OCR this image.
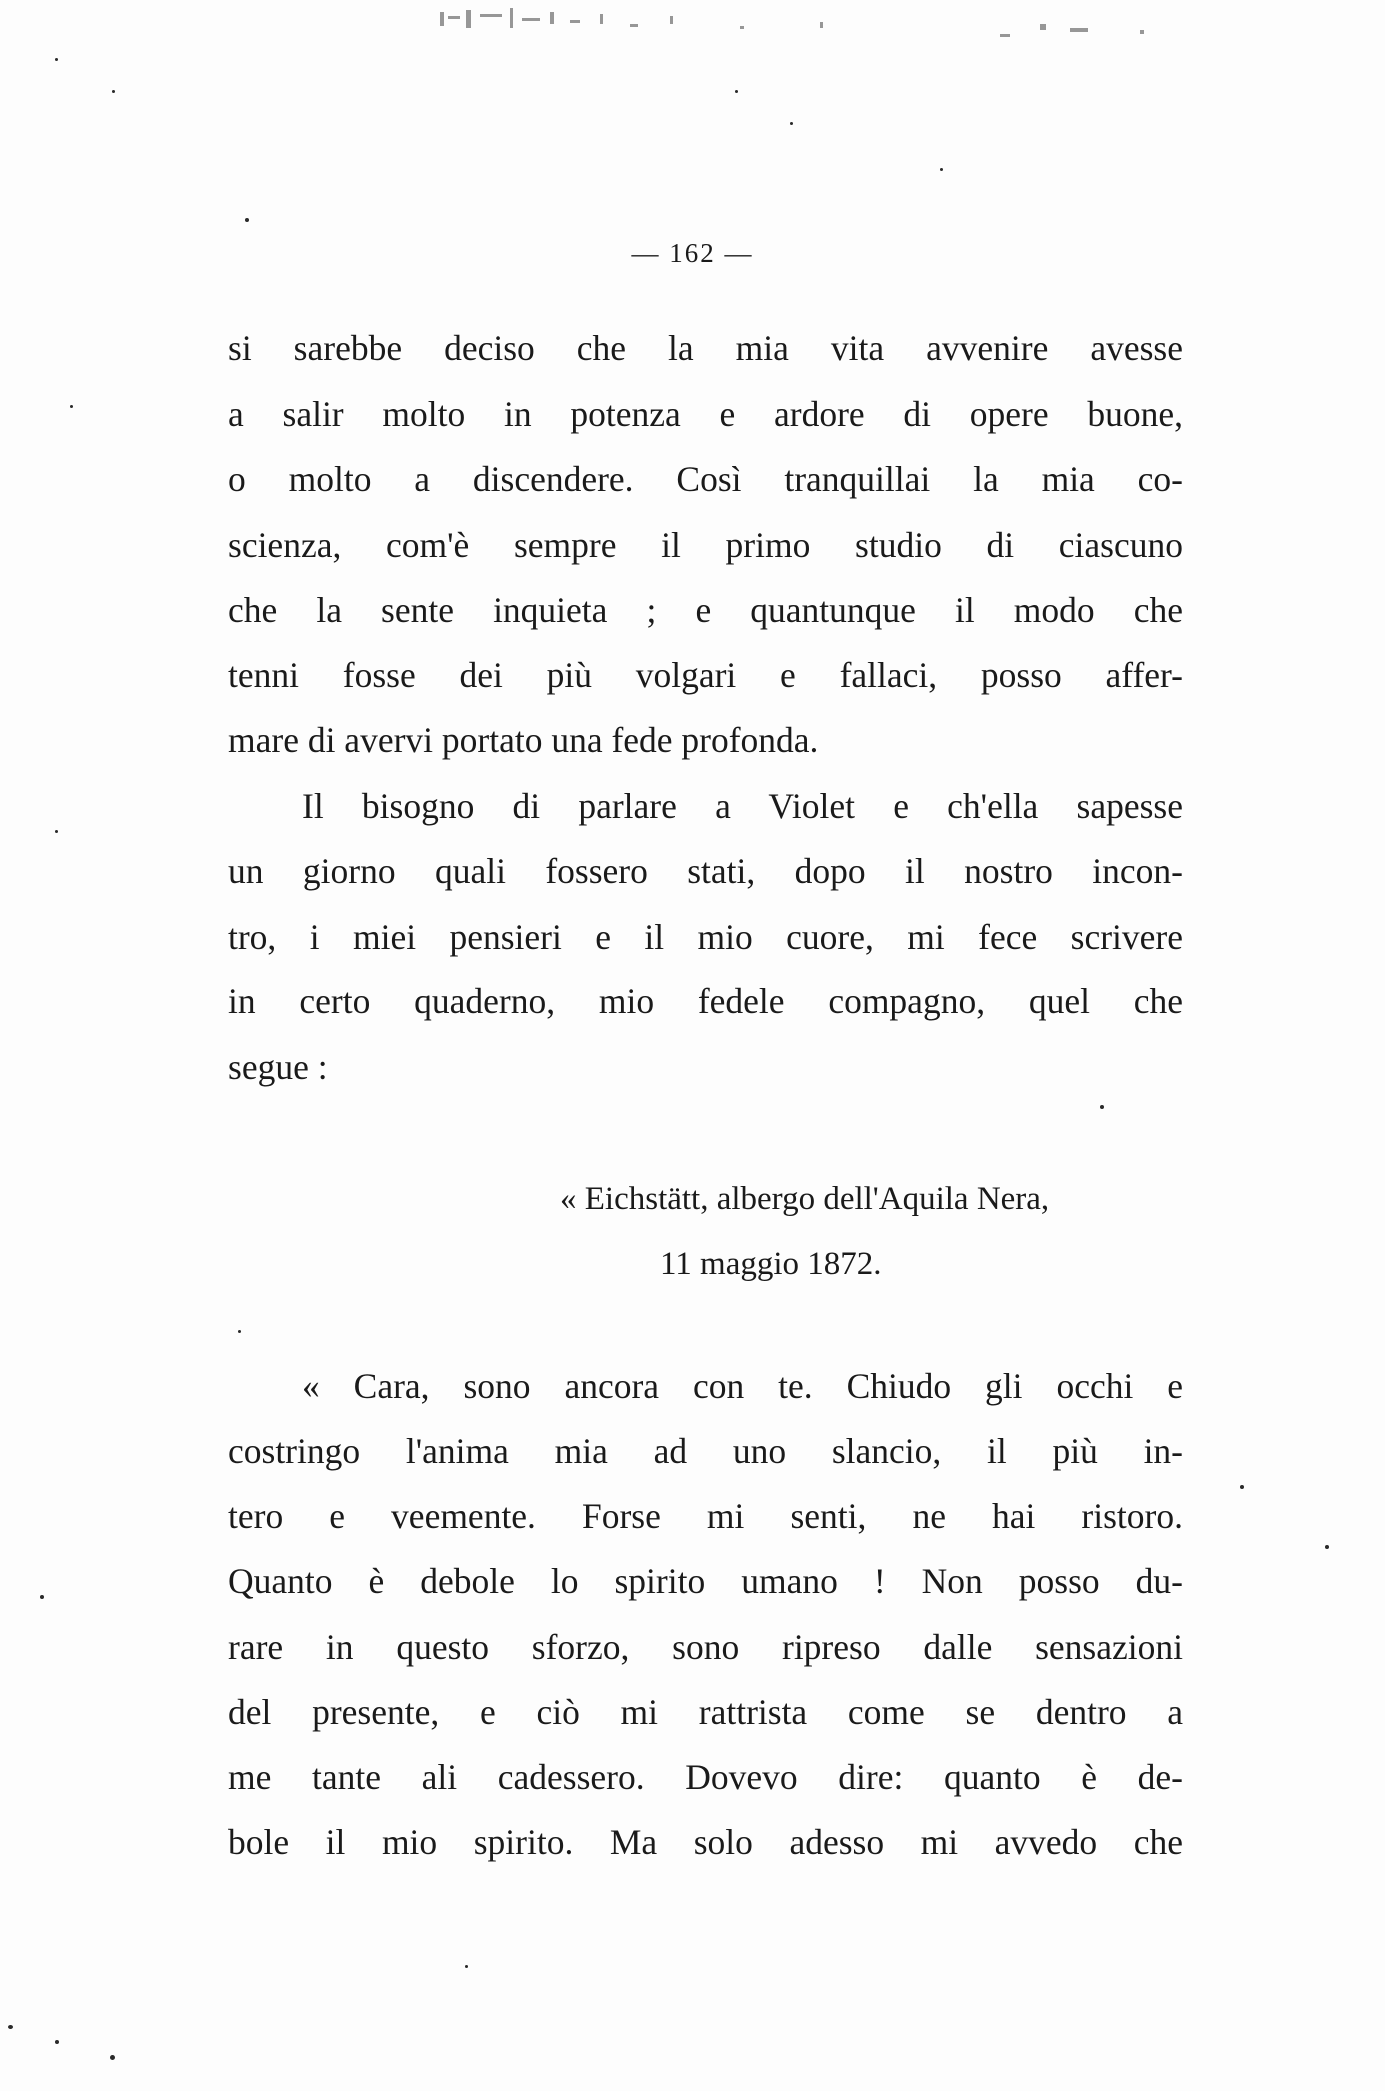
— 162 —
si sarebbe deciso che la mia vita avvenire avesse
a salir molto in potenza e ardore di opere buone,
o molto a discendere. Così tranquillai la mia co-
scienza, com'è sempre il primo studio di ciascuno
che la sente inquieta ; e quantunque il modo che
tenni fosse dei più volgari e fallaci, posso affer-
mare di avervi portato una fede profonda.
Il bisogno di parlare a Violet e ch'ella sapesse
un giorno quali fossero stati, dopo il nostro incon-
tro, i miei pensieri e il mio cuore, mi fece scrivere
in certo quaderno, mio fedele compagno, quel che
segue :
« Eichstätt, albergo dell'Aquila Nera,
11 maggio 1872.
« Cara, sono ancora con te. Chiudo gli occhi e
costringo l'anima mia ad uno slancio, il più in-
tero e veemente. Forse mi senti, ne hai ristoro.
Quanto è debole lo spirito umano ! Non posso du-
rare in questo sforzo, sono ripreso dalle sensazioni
del presente, e ciò mi rattrista come se dentro a
me tante ali cadessero. Dovevo dire: quanto è de-
bole il mio spirito. Ma solo adesso mi avvedo che
